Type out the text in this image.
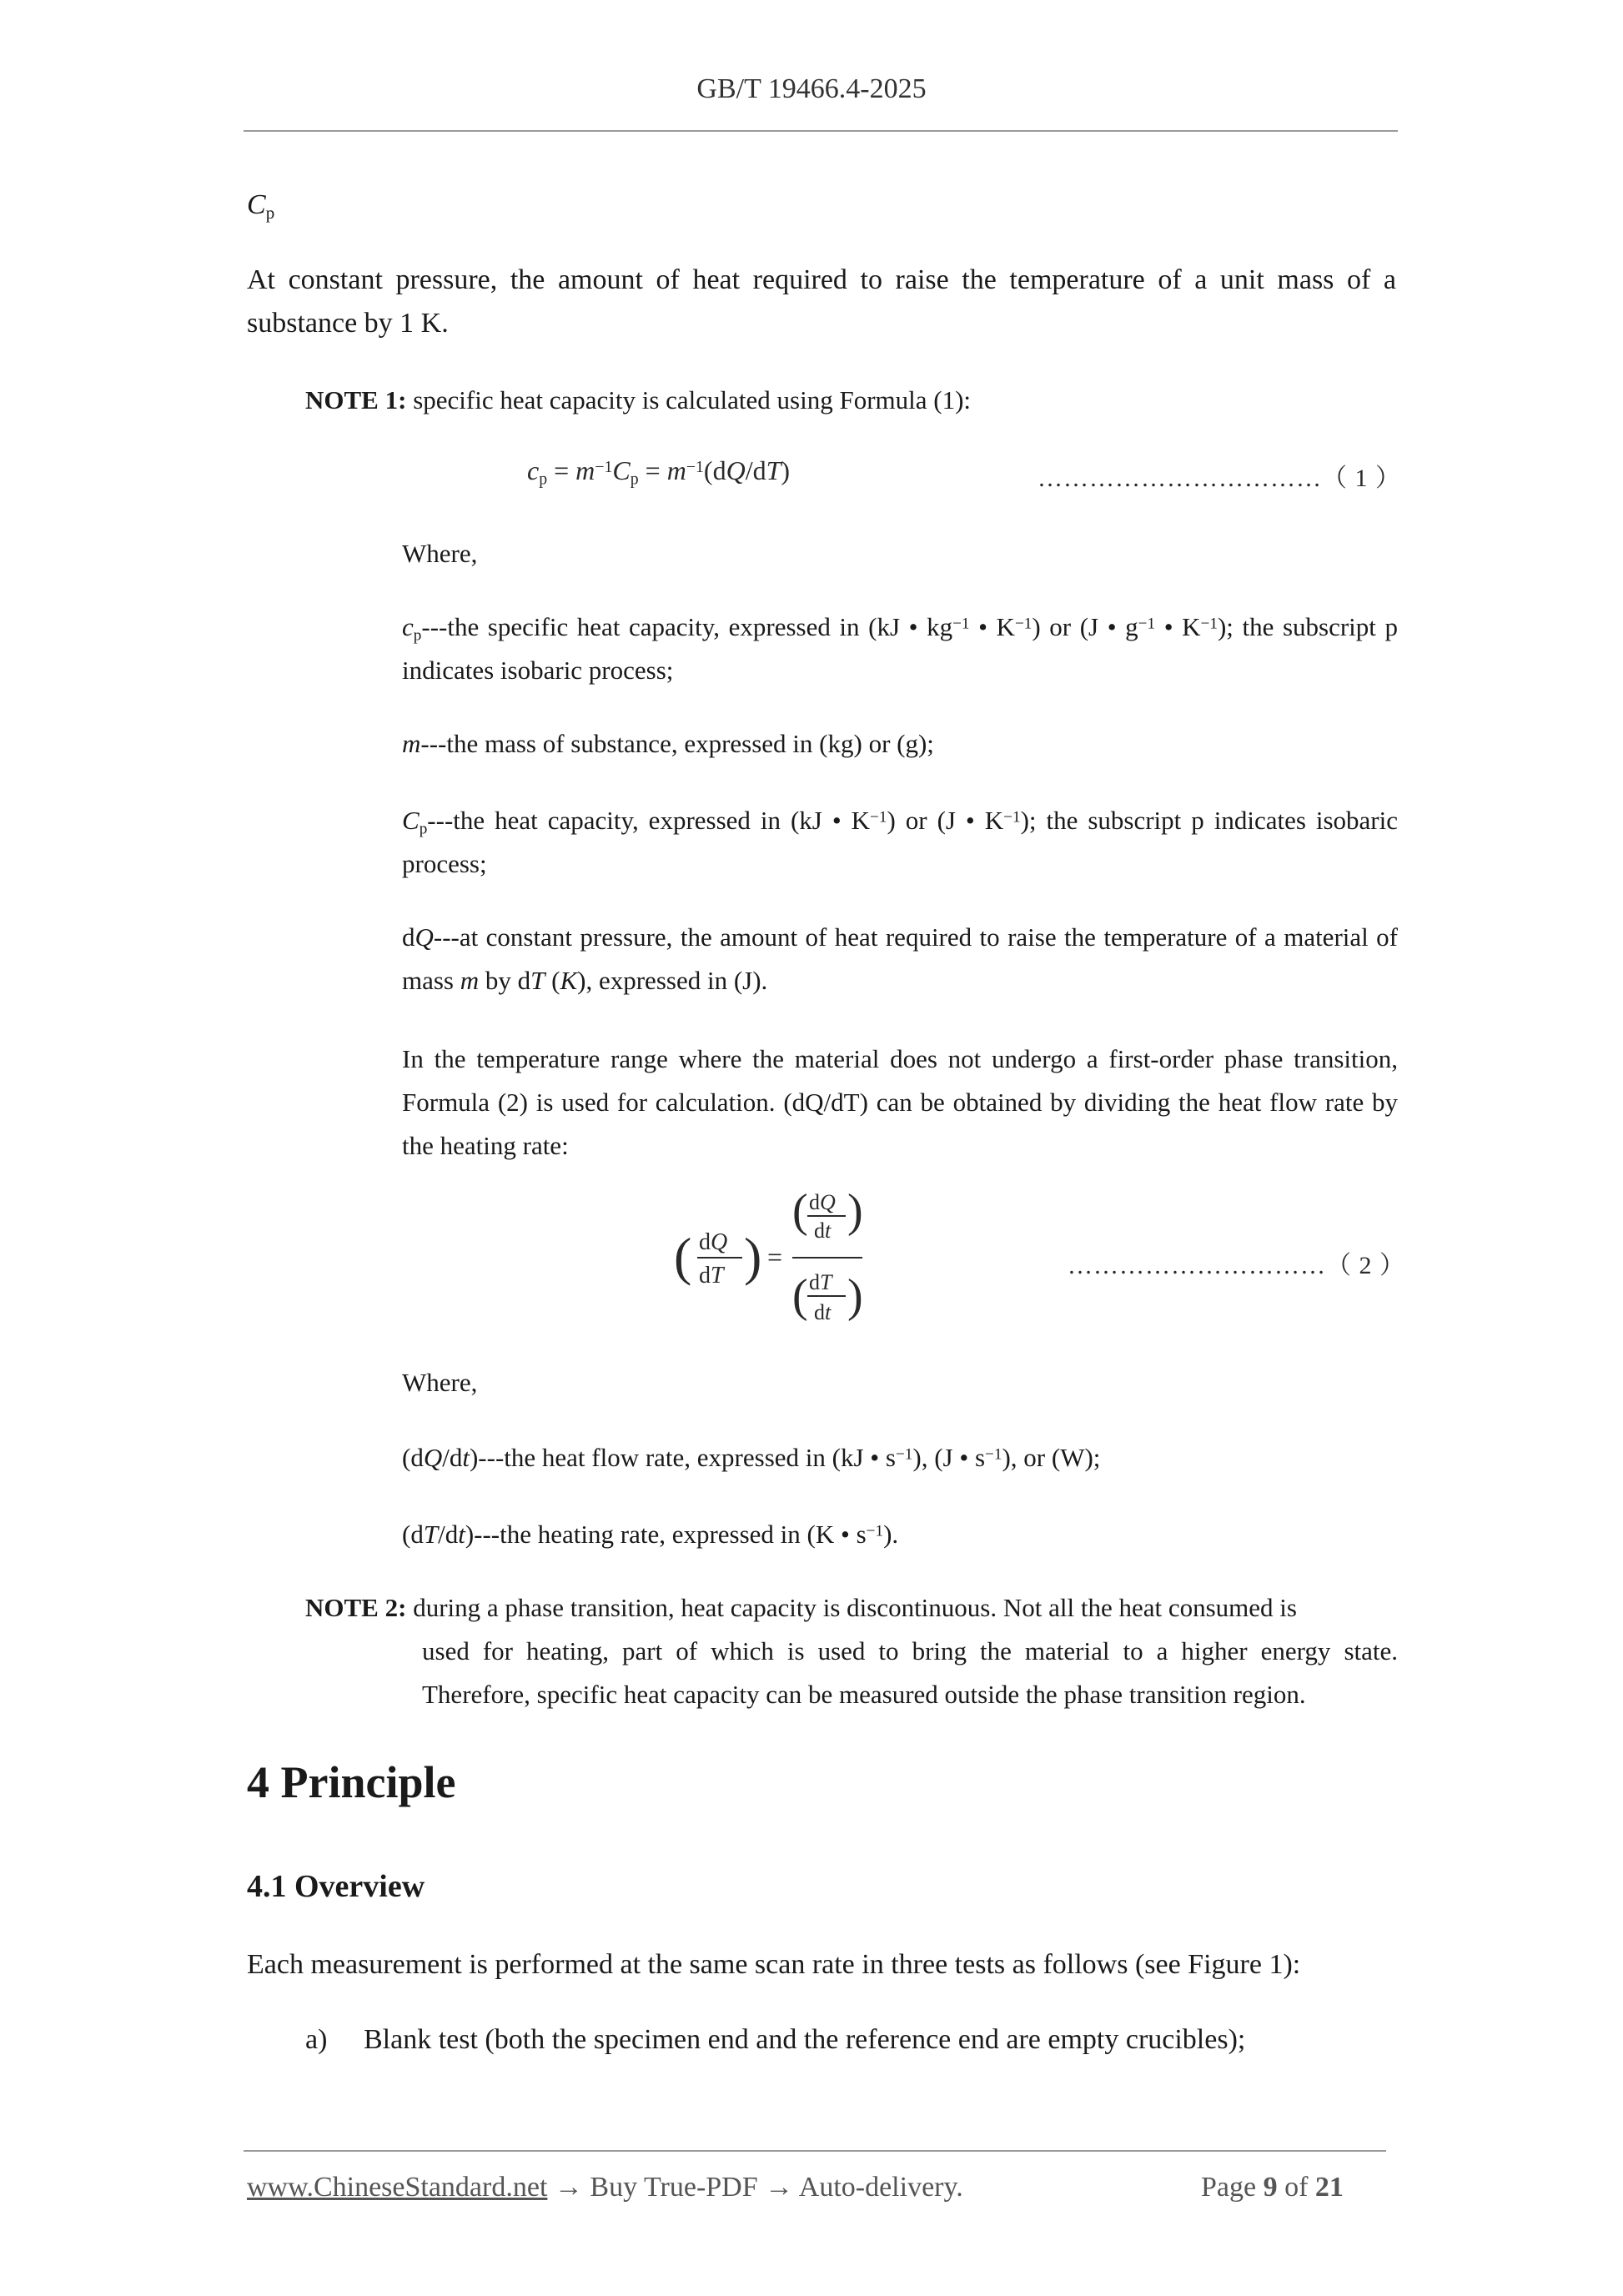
GB/T 19466.4-2025
$C_p$
At constant pressure, the amount of heat required to raise the temperature of a unit mass of a substance by 1 K.
NOTE 1: specific heat capacity is calculated using Formula (1):
$c_p = m^{-1}C_p = m^{-1}(dQ/dT)$	……………………………（ 1 ）
Where,
$c_p--$-the specific heat capacity, expressed in (kJ • $kg^{-1}$ • $K^{-1}$) or (J • $g^{-1}$ • $K^{-1}$); the subscript p indicates isobaric process;
m---the mass of substance, expressed in (kg) or (g);
$C_p--$-the heat capacity, expressed in (kJ • $K^{-1}$) or (J • $K^{-1}$); the subscript p indicates isobaric process;
dQ---at constant pressure, the amount of heat required to raise the temperature of a material of mass m by dT (K), expressed in (J).
In the temperature range where the material does not undergo a first-order phase transition, Formula (2) is used for calculation. (dQ/dT) can be obtained by dividing the heat flow rate by the heating rate:
( dQ
dT ) =
( dQ
dt )
( dT
dt )
…………………………（ 2 ）
Where,
(dQ/dt)---the heat flow rate, expressed in (kJ • $s^{-1}$), (J • $s^{-1}$), or (W);
(dT/dt)---the heating rate, expressed in (K • $s^{-1}$).
NOTE 2: during a phase transition, heat capacity is discontinuous. Not all the heat consumed is
used for heating, part of which is used to bring the material to a higher energy state. Therefore, specific heat capacity can be measured outside the phase transition region.
4 Principle
4.1 Overview
Each measurement is performed at the same scan rate in three tests as follows (see Figure 1):
a) Blank test (both the specimen end and the reference end are empty crucibles);
www.ChineseStandard.net → Buy True-PDF → Auto-delivery.	Page 9 of 21
